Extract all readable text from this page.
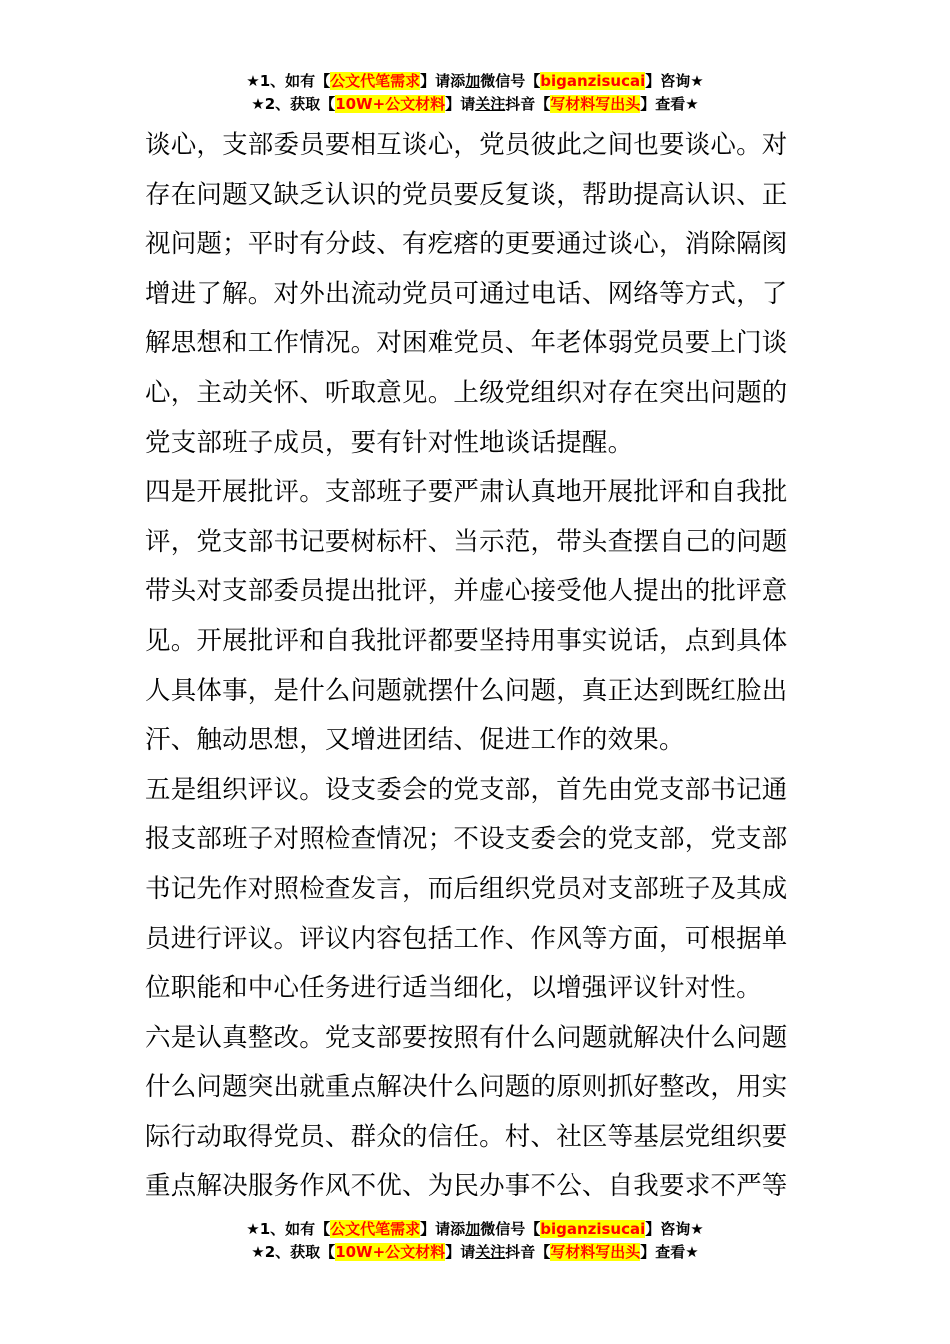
★1、如有【公文代笔需求】请添加微信号【biganzisucai】咨询★
★2、获取【10W+公文材料】请关注抖音【写材料写出头】查看★
谈心，支部委员要相互谈心，党员彼此之间也要谈心。对
存在问题又缺乏认识的党员要反复谈，帮助提高认识、正
视问题；平时有分歧、有疙瘩的更要通过谈心，消除隔阂
增进了解。对外出流动党员可通过电话、网络等方式，了
解思想和工作情况。对困难党员、年老体弱党员要上门谈
心，主动关怀、听取意见。上级党组织对存在突出问题的
党支部班子成员，要有针对性地谈话提醒。
四是开展批评。支部班子要严肃认真地开展批评和自我批
评，党支部书记要树标杆、当示范，带头查摆自己的问题
带头对支部委员提出批评，并虚心接受他人提出的批评意
见。开展批评和自我批评都要坚持用事实说话，点到具体
人具体事，是什么问题就摆什么问题，真正达到既红脸出
汗、触动思想，又增进团结、促进工作的效果。
五是组织评议。设支委会的党支部，首先由党支部书记通
报支部班子对照检查情况；不设支委会的党支部，党支部
书记先作对照检查发言，而后组织党员对支部班子及其成
员进行评议。评议内容包括工作、作风等方面，可根据单
位职能和中心任务进行适当细化，以增强评议针对性。
六是认真整改。党支部要按照有什么问题就解决什么问题
什么问题突出就重点解决什么问题的原则抓好整改，用实
际行动取得党员、群众的信任。村、社区等基层党组织要
重点解决服务作风不优、为民办事不公、自我要求不严等
★1、如有【公文代笔需求】请添加微信号【biganzisucai】咨询★
★2、获取【10W+公文材料】请关注抖音【写材料写出头】查看★
